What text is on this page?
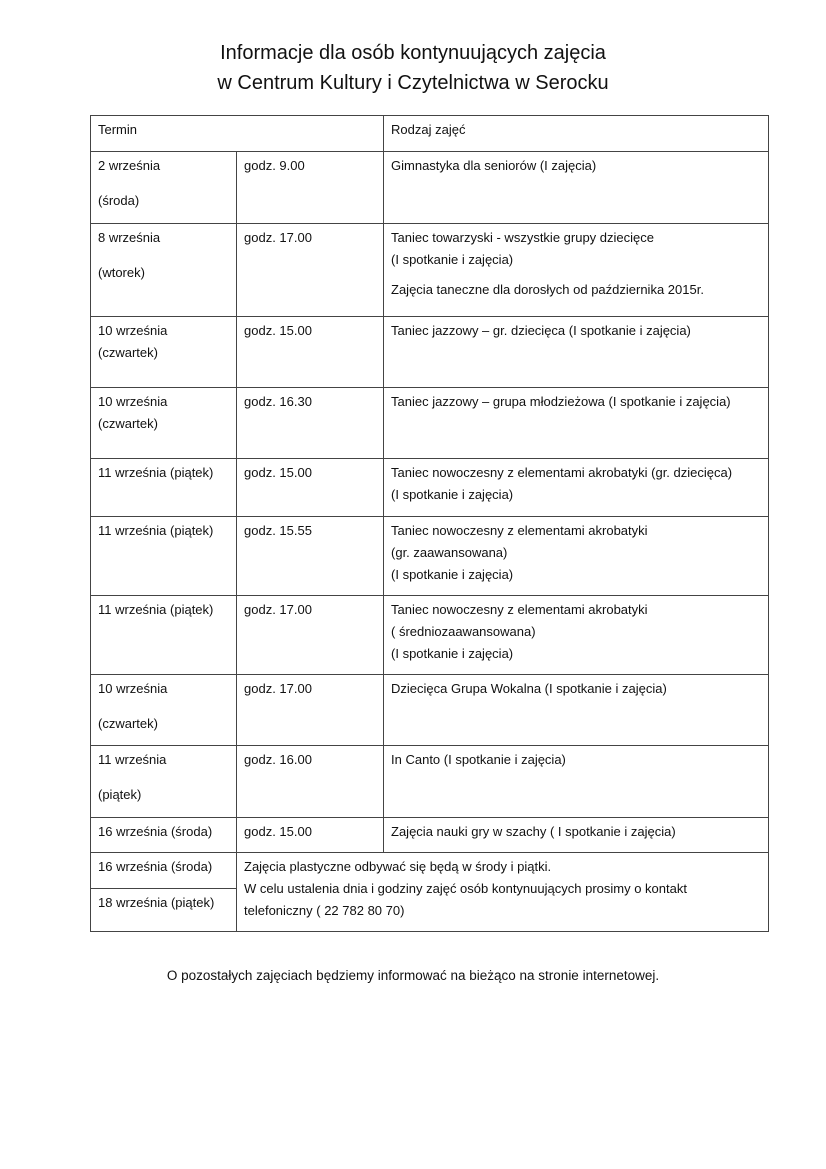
Informacje dla osób kontynuujących zajęcia
w Centrum Kultury i Czytelnictwa w Serocku
Termin		Rodzaj zajęć

2 września
(środa)	godz. 9.00	Gimnastyka dla seniorów (I zajęcia)

8 września
(wtorek)	godz. 17.00	Taniec towarzyski - wszystkie grupy dziecięce
(I spotkanie i zajęcia)
Zajęcia taneczne dla dorosłych od października 2015r.

10 września
(czwartek)	godz. 15.00	Taniec jazzowy – gr. dziecięca (I spotkanie i zajęcia)

10 września
(czwartek)	godz. 16.30	Taniec jazzowy – grupa młodzieżowa (I spotkanie i zajęcia)

11 września (piątek)	godz. 15.00	Taniec nowoczesny z elementami akrobatyki (gr. dziecięca)
(I spotkanie i zajęcia)

11 września (piątek)	godz. 15.55	Taniec nowoczesny z elementami akrobatyki
(gr. zaawansowana)
(I spotkanie i zajęcia)

11 września (piątek)	godz. 17.00	Taniec nowoczesny z elementami akrobatyki
( średniozaawansowana)
(I spotkanie i zajęcia)

10 września
(czwartek)	godz. 17.00	Dziecięca Grupa Wokalna (I spotkanie i zajęcia)

11 września
(piątek)	godz. 16.00	In Canto (I spotkanie i zajęcia)

16 września (środa)	godz. 15.00	Zajęcia nauki gry w szachy ( I spotkanie i zajęcia)

16 września (środa)	Zajęcia plastyczne odbywać się będą w środy i piątki.
W celu ustalenia dnia i godziny zajęć osób kontynuujących prosimy o kontakt
telefoniczny ( 22 782 80 70)	

18 września (piątek)		
O pozostałych zajęciach będziemy informować na bieżąco na stronie internetowej.
